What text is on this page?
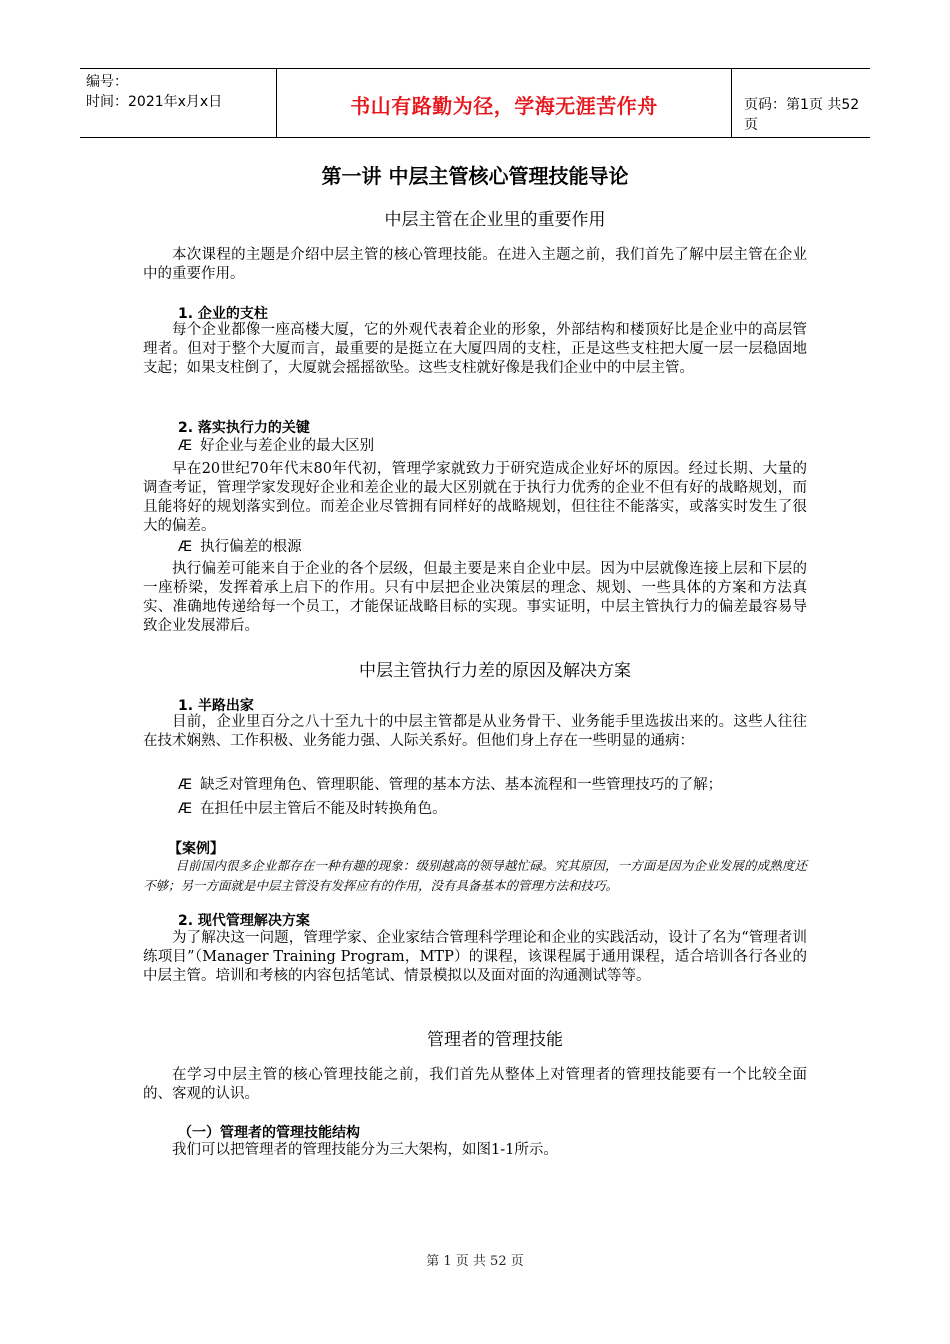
编号：
时间：2021年x月x日	书山有路勤为径，学海无涯苦作舟	页码：第1页 共52页
第一讲 中层主管核心管理技能导论
中层主管在企业里的重要作用
本次课程的主题是介绍中层主管的核心管理技能。在进入主题之前，我们首先了解中层主管在企业中的重要作用。
1. 企业的支柱
每个企业都像一座高楼大厦，它的外观代表着企业的形象，外部结构和楼顶好比是企业中的高层管理者。但对于整个大厦而言，最重要的是挺立在大厦四周的支柱，正是这些支柱把大厦一层一层稳固地支起；如果支柱倒了，大厦就会摇摇欲坠。这些支柱就好像是我们企业中的中层主管。
2. 落实执行力的关键
Æ 好企业与差企业的最大区别
早在20世纪70年代末80年代初，管理学家就致力于研究造成企业好坏的原因。经过长期、大量的调查考证，管理学家发现好企业和差企业的最大区别就在于执行力优秀的企业不但有好的战略规划，而且能将好的规划落实到位。而差企业尽管拥有同样好的战略规划，但往往不能落实，或落实时发生了很大的偏差。
Æ 执行偏差的根源
执行偏差可能来自于企业的各个层级，但最主要是来自企业中层。因为中层就像连接上层和下层的一座桥梁，发挥着承上启下的作用。只有中层把企业决策层的理念、规划、一些具体的方案和方法真实、准确地传递给每一个员工，才能保证战略目标的实现。事实证明，中层主管执行力的偏差最容易导致企业发展滞后。
中层主管执行力差的原因及解决方案
1. 半路出家
目前，企业里百分之八十至九十的中层主管都是从业务骨干、业务能手里选拔出来的。这些人往往在技术娴熟、工作积极、业务能力强、人际关系好。但他们身上存在一些明显的通病：
Æ 缺乏对管理角色、管理职能、管理的基本方法、基本流程和一些管理技巧的了解；
Æ 在担任中层主管后不能及时转换角色。
【案例】
目前国内很多企业都存在一种有趣的现象：级别越高的领导越忙碌。究其原因，一方面是因为企业发展的成熟度还不够；另一方面就是中层主管没有发挥应有的作用，没有具备基本的管理方法和技巧。
2. 现代管理解决方案
为了解决这一问题，管理学家、企业家结合管理科学理论和企业的实践活动，设计了名为“管理者训练项目”（Manager Training Program，MTP）的课程，该课程属于通用课程，适合培训各行各业的中层主管。培训和考核的内容包括笔试、情景模拟以及面对面的沟通测试等等。
管理者的管理技能
在学习中层主管的核心管理技能之前，我们首先从整体上对管理者的管理技能要有一个比较全面的、客观的认识。
（一）管理者的管理技能结构
我们可以把管理者的管理技能分为三大架构，如图1-1所示。
第 1 页 共 52 页
